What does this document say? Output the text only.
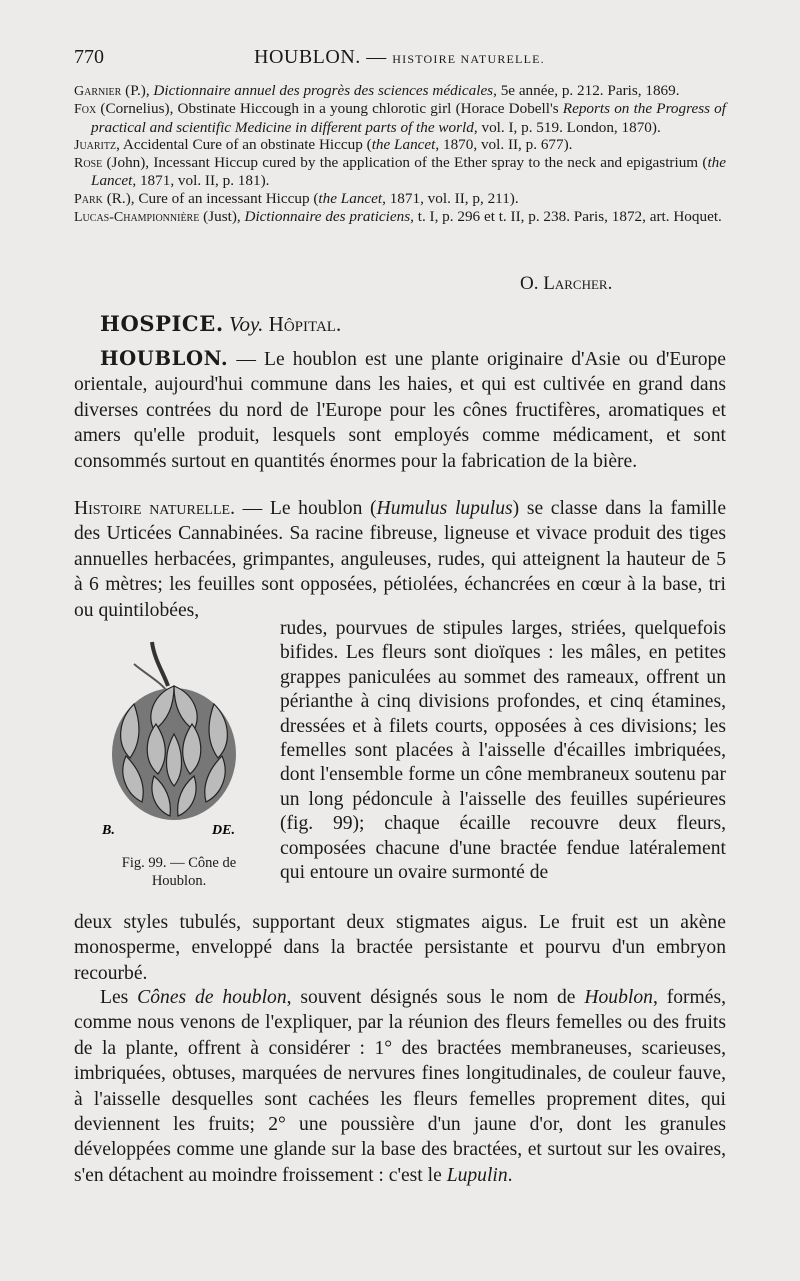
770	HOUBLON. — HISTOIRE NATURELLE.

Garnier (P.), Dictionnaire annuel des progrès des sciences médicales, 5e année, p. 212. Paris, 1869.

Fox (Cornelius), Obstinate Hiccough in a young chlorotic girl (Horace Dobell's Reports on the Progress of practical and scientific Medicine in different parts of the world, vol. I, p. 519. London, 1870).

Juaritz, Accidental Cure of an obstinate Hiccup (the Lancet, 1870, vol. II, p. 677).

Rose (John), Incessant Hiccup cured by the application of the Ether spray to the neck and epigastrium (the Lancet, 1871, vol. II, p. 181).

Park (R.), Cure of an incessant Hiccup (the Lancet, 1871, vol. II, p, 211).

Lucas-Championnière (Just), Dictionnaire des praticiens, t. I, p. 296 et t. II, p. 238. Paris, 1872, art. Hoquet.

O. Larcher.
HOSPICE. Voy. Hôpital.

HOUBLON. — Le houblon est une plante originaire d'Asie ou d'Europe orientale, aujourd'hui commune dans les haies, et qui est cultivée en grand dans diverses contrées du nord de l'Europe pour les cônes fructifères, aromatiques et amers qu'elle produit, lesquels sont employés comme médicament, et sont consommés surtout en quantités énormes pour la fabrication de la bière.

Histoire naturelle. — Le houblon (Humulus lupulus) se classe dans la famille des Urticées Cannabinées. Sa racine fibreuse, ligneuse et vivace produit des tiges annuelles herbacées, grimpantes, anguleuses, rudes, qui atteignent la hauteur de 5 à 6 mètres; les feuilles sont opposées, pétiolées, échancrées en cœur à la base, tri ou quintilobées,

B.	DE.
Fig. 99. — Cône de Houblon.
rudes, pourvues de stipules larges, striées, quelquefois bifides. Les fleurs sont dioïques : les mâles, en petites grappes paniculées au sommet des rameaux, offrent un périanthe à cinq divisions profondes, et cinq étamines, dressées et à filets courts, opposées à ces divisions; les femelles sont placées à l'aisselle d'écailles imbriquées, dont l'ensemble forme un cône membraneux soutenu par un long pédoncule à l'aisselle des feuilles supérieures (fig. 99); chaque écaille recouvre deux fleurs, composées chacune d'une bractée fendue latéralement qui entoure un ovaire surmonté de

deux styles tubulés, supportant deux stigmates aigus. Le fruit est un akène monosperme, enveloppé dans la bractée persistante et pourvu d'un embryon recourbé.

Les Cônes de houblon, souvent désignés sous le nom de Houblon, formés, comme nous venons de l'expliquer, par la réunion des fleurs femelles ou des fruits de la plante, offrent à considérer : 1° des bractées membraneuses, scarieuses, imbriquées, obtuses, marquées de nervures fines longitudinales, de couleur fauve, à l'aisselle desquelles sont cachées les fleurs femelles proprement dites, qui deviennent les fruits; 2° une poussière d'un jaune d'or, dont les granules développées comme une glande sur la base des bractées, et surtout sur les ovaires, s'en détachent au moindre froissement : c'est le Lupulin.
